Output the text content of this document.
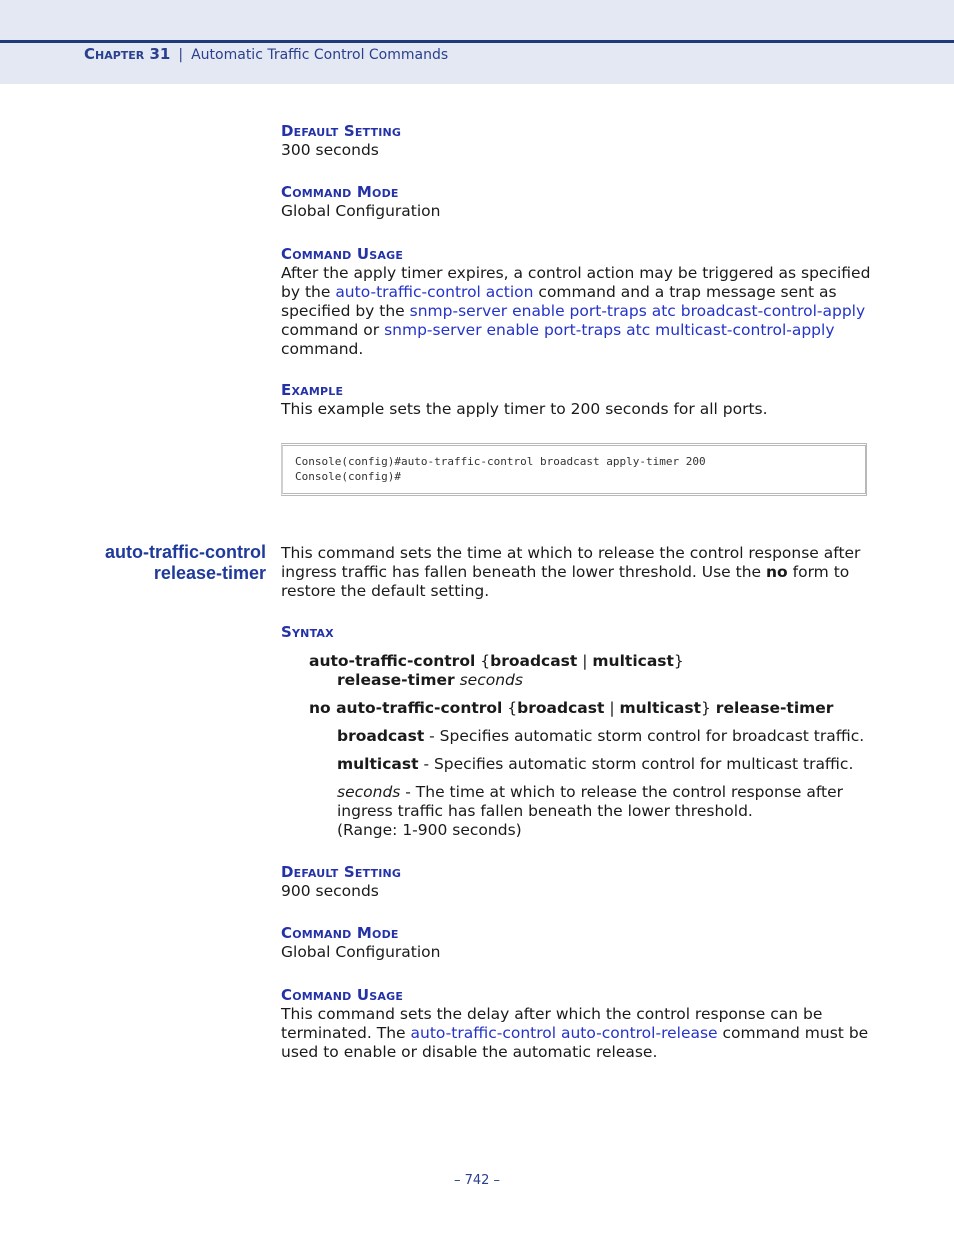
Chapter 31 | Automatic Traffic Control Commands
Default Setting
300 seconds
Command Mode
Global Configuration
Command Usage
After the apply timer expires, a control action may be triggered as specified by the auto-traffic-control action command and a trap message sent as specified by the snmp-server enable port-traps atc broadcast-control-apply command or snmp-server enable port-traps atc multicast-control-apply command.
Example
This example sets the apply timer to 200 seconds for all ports.
Console(config)#auto-traffic-control broadcast apply-timer 200
Console(config)#
auto-traffic-control
release-timer
This command sets the time at which to release the control response after ingress traffic has fallen beneath the lower threshold. Use the no form to restore the default setting.
Syntax
auto-traffic-control {broadcast | multicast}
release-timer seconds
no auto-traffic-control {broadcast | multicast} release-timer
broadcast - Specifies automatic storm control for broadcast traffic.
multicast - Specifies automatic storm control for multicast traffic.
seconds - The time at which to release the control response after ingress traffic has fallen beneath the lower threshold.
(Range: 1-900 seconds)
Default Setting
900 seconds
Command Mode
Global Configuration
Command Usage
This command sets the delay after which the control response can be terminated. The auto-traffic-control auto-control-release command must be used to enable or disable the automatic release.
– 742 –
